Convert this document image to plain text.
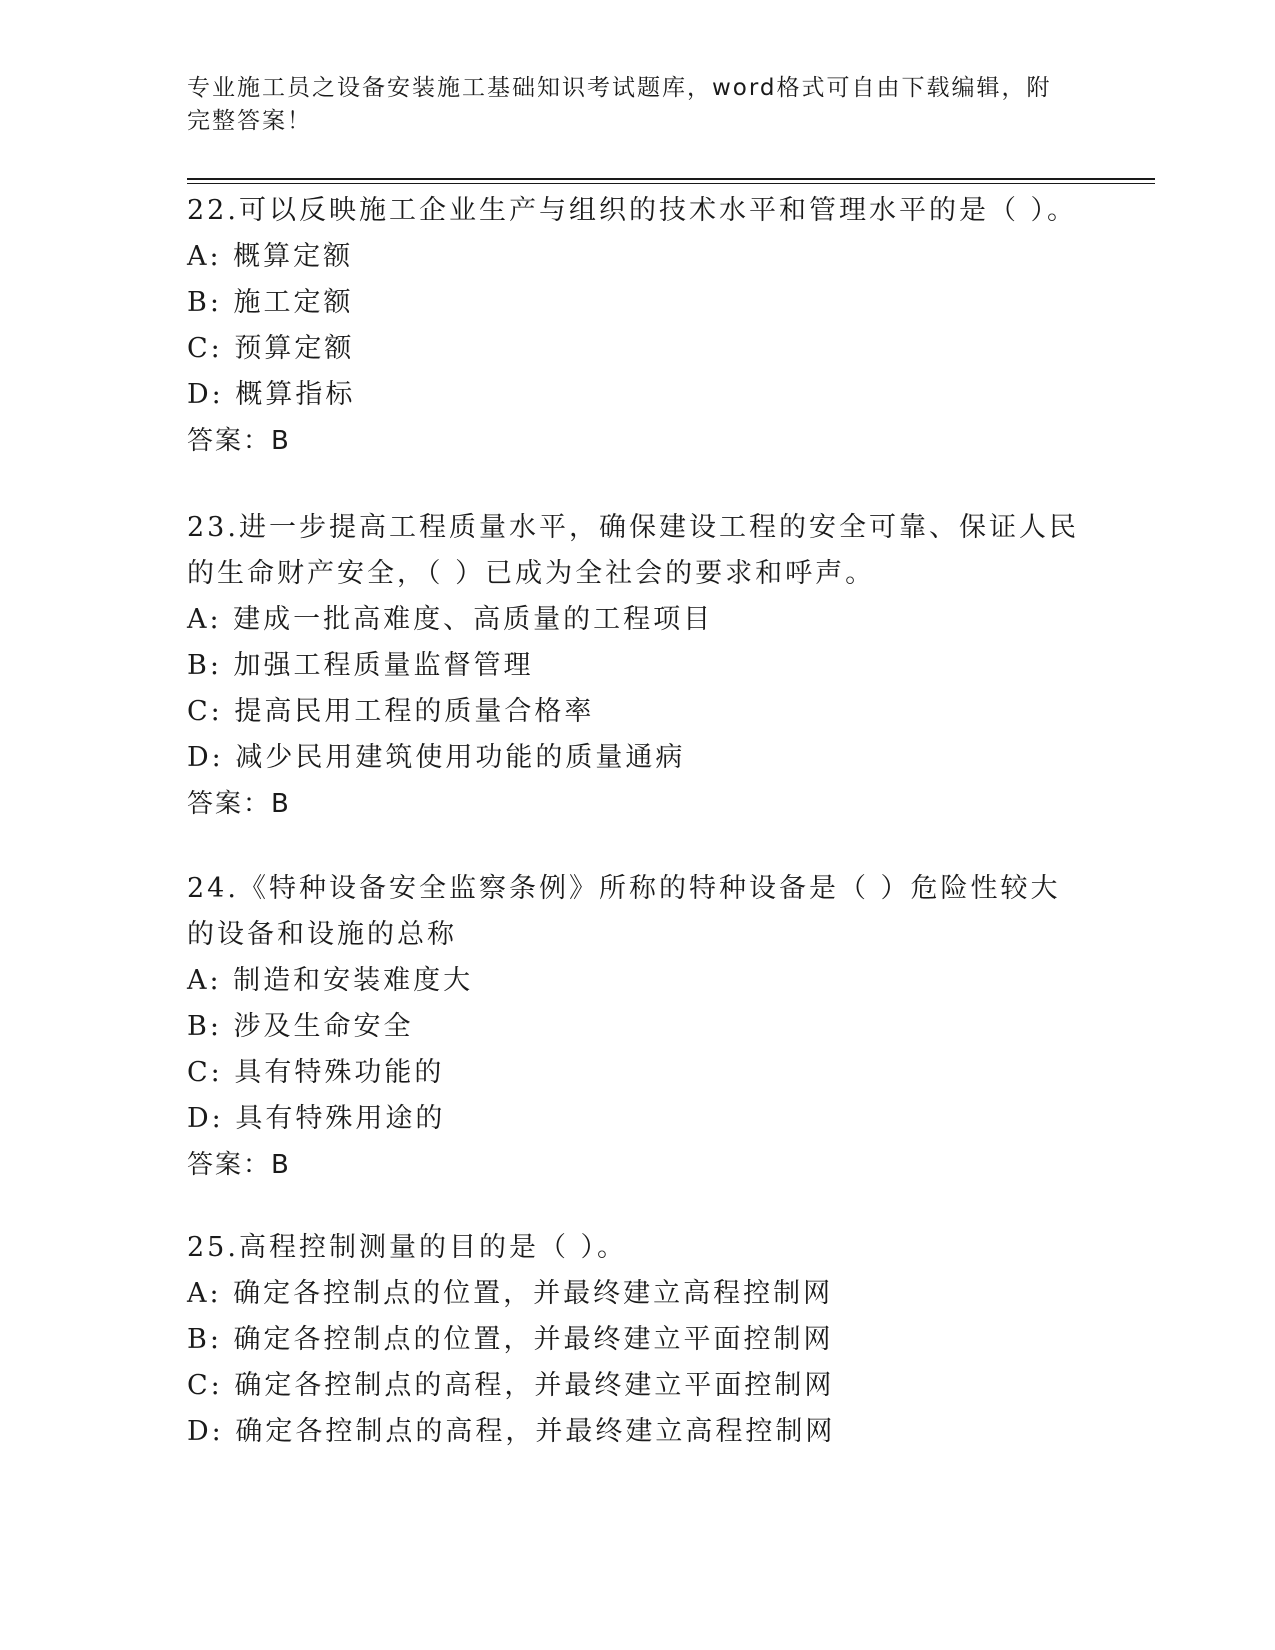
专业施工员之设备安装施工基础知识考试题库，word格式可自由下载编辑，附完整答案！
22.可以反映施工企业生产与组织的技术水平和管理水平的是（ ）。
A: 概算定额
B: 施工定额
C: 预算定额
D: 概算指标
答案：B
23.进一步提高工程质量水平，确保建设工程的安全可靠、保证人民的生命财产安全，（ ）已成为全社会的要求和呼声。
A: 建成一批高难度、高质量的工程项目
B: 加强工程质量监督管理
C: 提高民用工程的质量合格率
D: 减少民用建筑使用功能的质量通病
答案：B
24.《特种设备安全监察条例》所称的特种设备是（ ）危险性较大的设备和设施的总称
A: 制造和安装难度大
B: 涉及生命安全
C: 具有特殊功能的
D: 具有特殊用途的
答案：B
25.高程控制测量的目的是（ ）。
A: 确定各控制点的位置，并最终建立高程控制网
B: 确定各控制点的位置，并最终建立平面控制网
C: 确定各控制点的高程，并最终建立平面控制网
D: 确定各控制点的高程，并最终建立高程控制网
